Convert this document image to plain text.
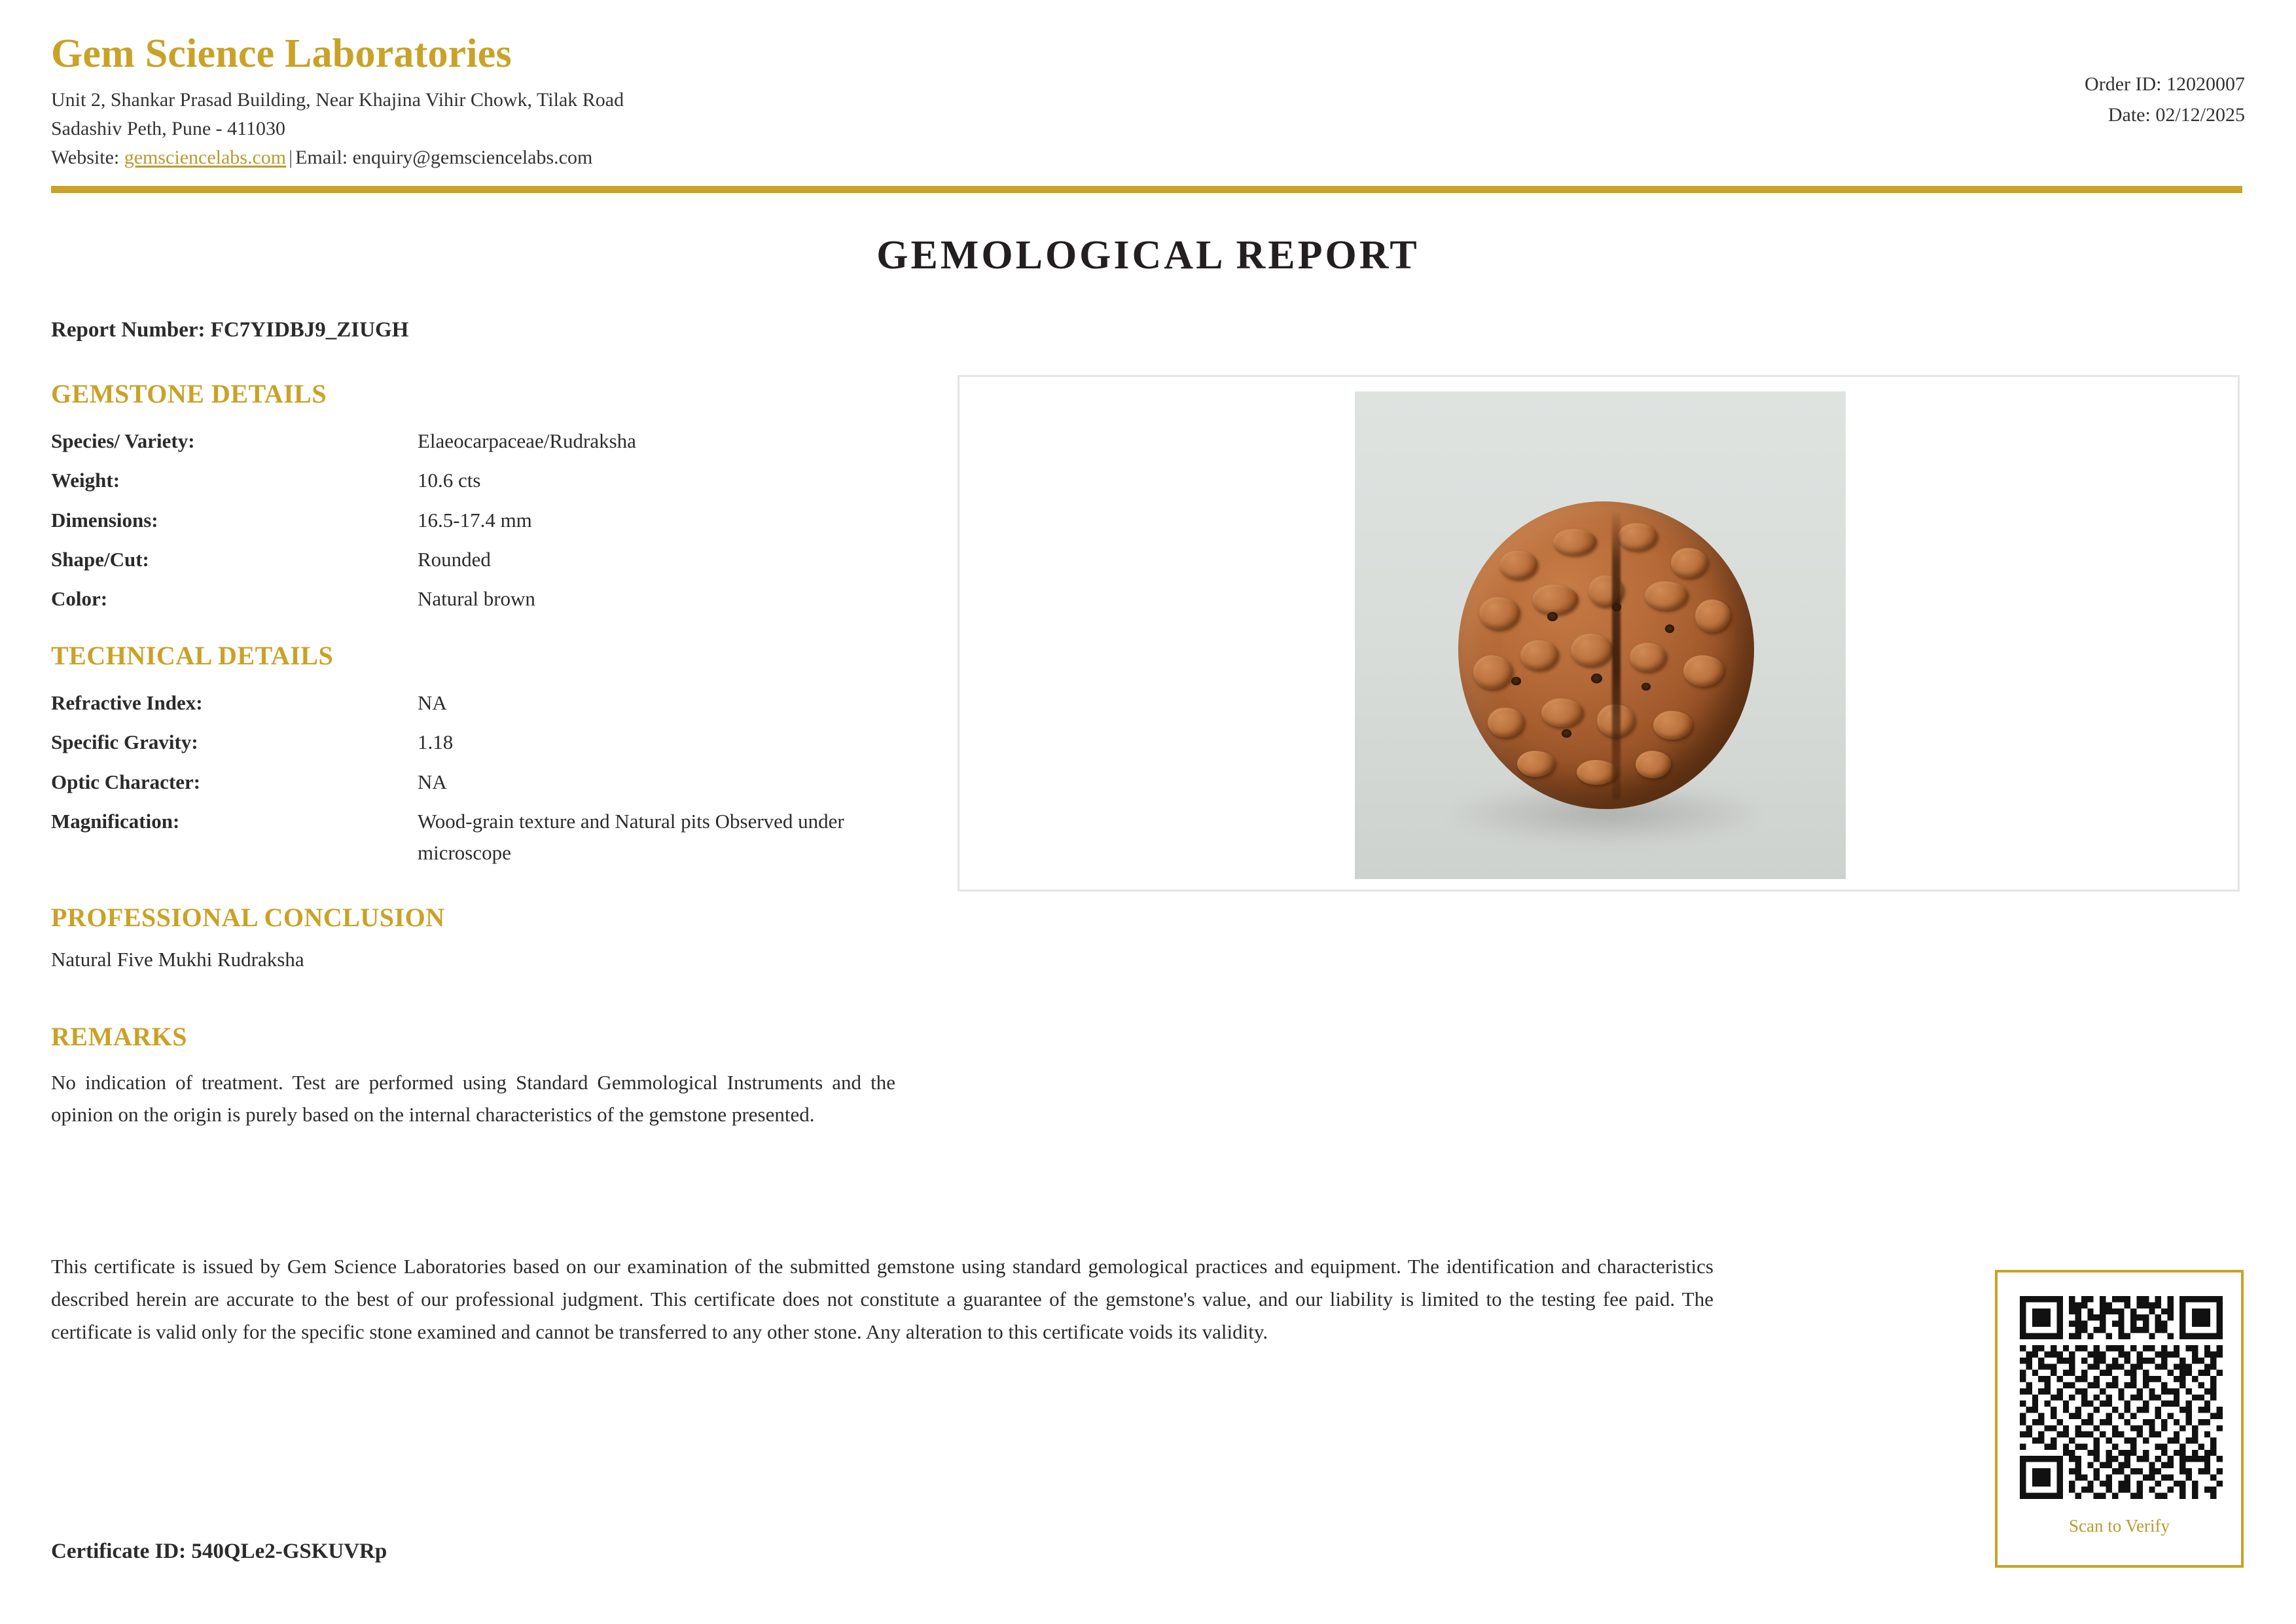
Gem Science Laboratories
Unit 2, Shankar Prasad Building, Near Khajina Vihir Chowk, Tilak Road
Sadashiv Peth, Pune - 411030
Website: gemsciencelabs.com | Email: enquiry@gemsciencelabs.com
Order ID: 12020007
Date: 02/12/2025
GEMOLOGICAL REPORT
Report Number: FC7YIDBJ9_ZIUGH
GEMSTONE DETAILS
Species/ Variety:	Elaeocarpaceae/Rudraksha
Weight:	10.6 cts
Dimensions:	16.5-17.4 mm
Shape/Cut:	Rounded
Color:	Natural brown
TECHNICAL DETAILS
Refractive Index:	NA
Specific Gravity:	1.18
Optic Character:	NA
Magnification:	Wood-grain texture and Natural pits Observed under microscope
PROFESSIONAL CONCLUSION
Natural Five Mukhi Rudraksha
REMARKS
No indication of treatment. Test are performed using Standard Gemmological Instruments and the opinion on the origin is purely based on the internal characteristics of the gemstone presented.
This certificate is issued by Gem Science Laboratories based on our examination of the submitted gemstone using standard gemological practices and equipment. The identification and characteristics described herein are accurate to the best of our professional judgment. This certificate does not constitute a guarantee of the gemstone's value, and our liability is limited to the testing fee paid. The certificate is valid only for the specific stone examined and cannot be transferred to any other stone. Any alteration to this certificate voids its validity.
Certificate ID: 540QLe2-GSKUVRp
Scan to Verify
